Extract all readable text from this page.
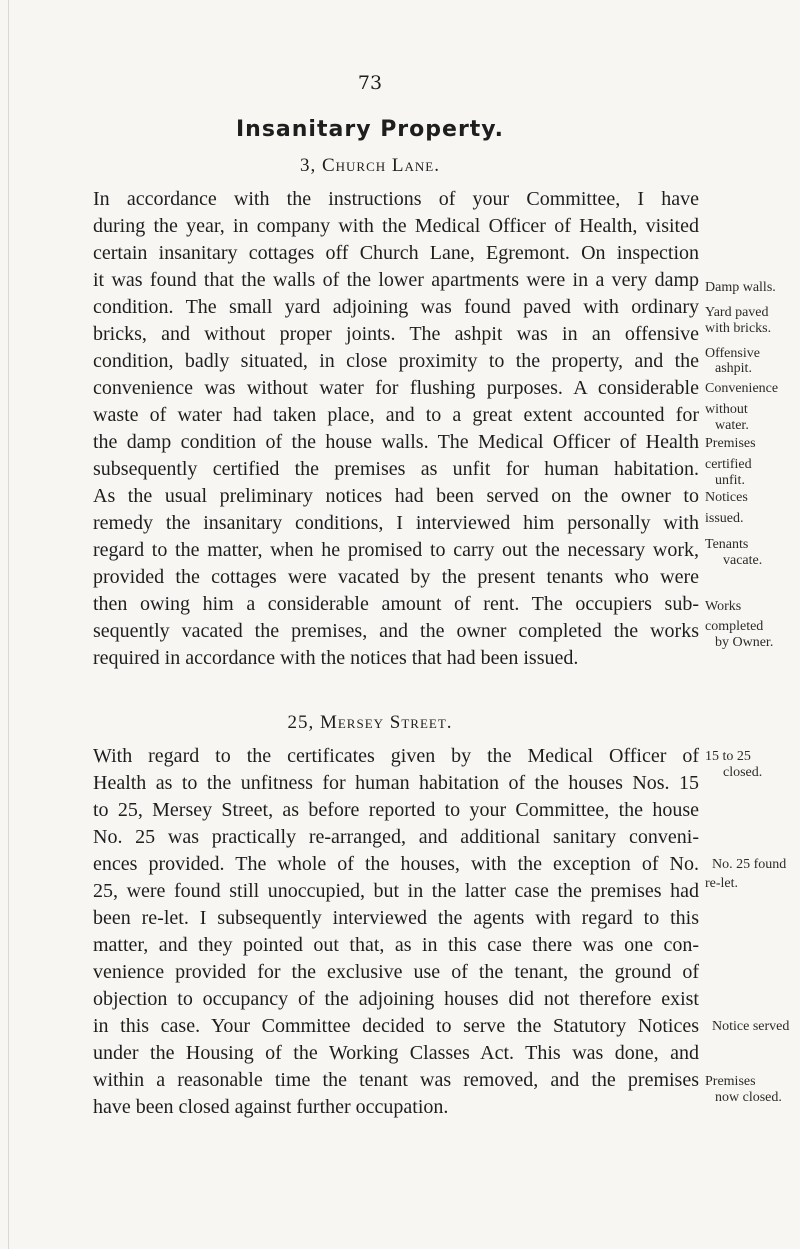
73
Insanitary Property.
3, Church Lane.
In accordance with the instructions of your Committee, I have
during the year, in company with the Medical Officer of Health, visited
certain insanitary cottages off Church Lane, Egremont. On inspection
it was found that the walls of the lower apartments were in a very damp
condition. The small yard adjoining was found paved with ordinary
bricks, and without proper joints. The ashpit was in an offensive
condition, badly situated, in close proximity to the property, and the
convenience was without water for flushing purposes. A considerable
waste of water had taken place, and to a great extent accounted for
the damp condition of the house walls. The Medical Officer of Health
subsequently certified the premises as unfit for human habitation.
As the usual preliminary notices had been served on the owner to
remedy the insanitary conditions, I interviewed him personally with
regard to the matter, when he promised to carry out the necessary work,
provided the cottages were vacated by the present tenants who were
then owing him a considerable amount of rent. The occupiers sub-
sequently vacated the premises, and the owner completed the works
required in accordance with the notices that had been issued.
Damp walls.
Yard paved
with bricks.
Offensive
ashpit.
Convenience
without
water.
Premises
certified
unfit.
Notices
issued.
Tenants
vacate.
Works
completed
by Owner.
25, Mersey Street.
With regard to the certificates given by the Medical Officer of
Health as to the unfitness for human habitation of the houses Nos. 15
to 25, Mersey Street, as before reported to your Committee, the house
No. 25 was practically re-arranged, and additional sanitary conveni-
ences provided. The whole of the houses, with the exception of No.
25, were found still unoccupied, but in the latter case the premises had
been re-let. I subsequently interviewed the agents with regard to this
matter, and they pointed out that, as in this case there was one con-
venience provided for the exclusive use of the tenant, the ground of
objection to occupancy of the adjoining houses did not therefore exist
in this case. Your Committee decided to serve the Statutory Notices
under the Housing of the Working Classes Act. This was done, and
within a reasonable time the tenant was removed, and the premises
have been closed against further occupation.
15 to 25
closed.
No. 25 found
re-let.
Notice served
Premises
now closed.
